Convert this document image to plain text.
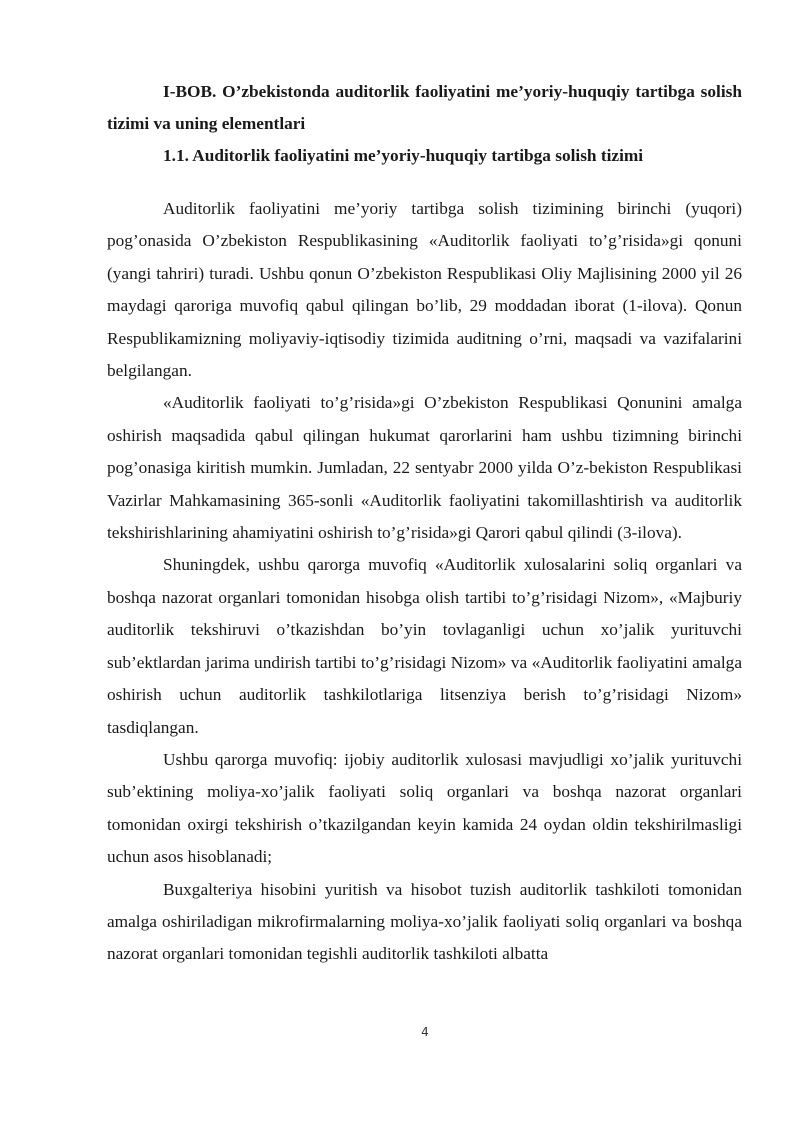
I-BOB. O’zbekistonda auditorlik faoliyatini me’yoriy-huquqiy tartibga solish tizimi va uning elementlari

1.1. Auditorlik faoliyatini me’yoriy-huquqiy tartibga solish tizimi

Auditorlik faoliyatini me’yoriy tartibga solish tizimining birinchi (yuqori) pog’onasida O’zbekiston Respublikasining «Auditorlik faoliyati to’g’risida»gi qonuni (yangi tahriri) turadi. Ushbu qonun O’zbekiston Respublikasi Oliy Majlisining 2000 yil 26 maydagi qaroriga muvofiq qabul qilingan bo’lib, 29 moddadan iborat (1-ilova). Qonun Respublikamizning moliyaviy-iqtisodiy tizimida auditning o’rni, maqsadi va vazifalarini belgilangan.

«Auditorlik faoliyati to’g’risida»gi O’zbekiston Respublikasi Qonunini amalga oshirish maqsadida qabul qilingan hukumat qarorlarini ham ushbu tizimning birinchi pog’onasiga kiritish mumkin. Jumladan, 22 sentyabr 2000 yilda O’z-bekiston Respublikasi Vazirlar Mahkamasining 365-sonli «Auditorlik faoliyatini takomillashtirish va auditorlik tekshirishlarining ahamiyatini oshirish to’g’risida»gi Qarori qabul qilindi (3-ilova).

Shuningdek, ushbu qarorga muvofiq «Auditorlik xulosalarini soliq organlari va boshqa nazorat organlari tomonidan hisobga olish tartibi to’g’risidagi Nizom», «Majburiy auditorlik tekshiruvi o’tkazishdan bo’yin tovlaganligi uchun xo’jalik yurituvchi sub’ektlardan jarima undirish tartibi to’g’risidagi Nizom» va «Auditorlik faoliyatini amalga oshirish uchun auditorlik tashkilotlariga litsenziya berish to’g’risidagi Nizom» tasdiqlangan.

Ushbu qarorga muvofiq: ijobiy auditorlik xulosasi mavjudligi xo’jalik yurituvchi sub’ektining moliya-xo’jalik faoliyati soliq organlari va boshqa nazorat organlari tomonidan oxirgi tekshirish o’tkazilgandan keyin kamida 24 oydan oldin tekshirilmasligi uchun asos hisoblanadi;

Buxgalteriya hisobini yuritish va hisobot tuzish auditorlik tashkiloti tomonidan amalga oshiriladigan mikrofirmalarning moliya-xo’jalik faoliyati soliq organlari va boshqa nazorat organlari tomonidan tegishli auditorlik tashkiloti albatta

4
